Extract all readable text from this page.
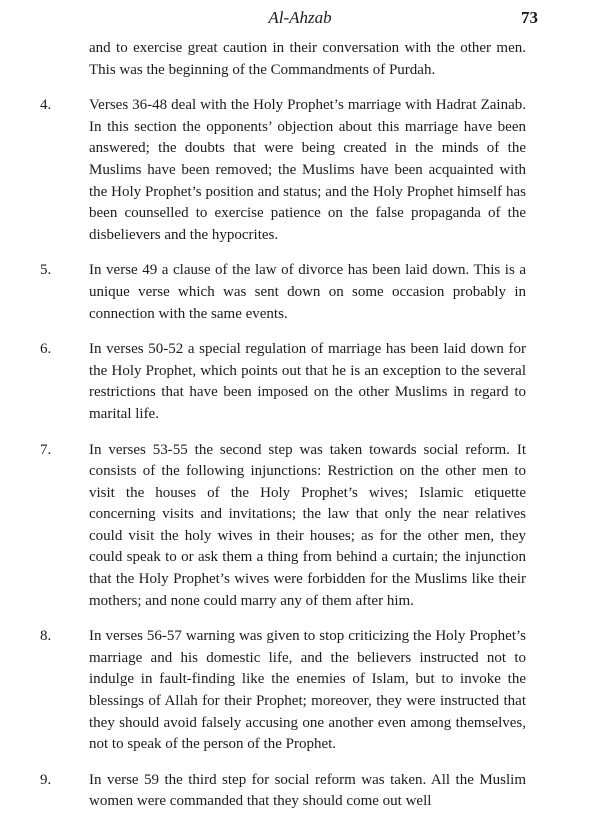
Al-Ahzab	73
and to exercise great caution in their conversation with the other men. This was the beginning of the Commandments of Purdah.
4.	Verses 36-48 deal with the Holy Prophet’s marriage with Hadrat Zainab. In this section the opponents’ objection about this marriage have been answered; the doubts that were being created in the minds of the Muslims have been removed; the Muslims have been acquainted with the Holy Prophet’s position and status; and the Holy Prophet himself has been counselled to exercise patience on the false propaganda of the disbelievers and the hypocrites.
5.	In verse 49 a clause of the law of divorce has been laid down. This is a unique verse which was sent down on some occasion probably in connection with the same events.
6.	In verses 50-52 a special regulation of marriage has been laid down for the Holy Prophet, which points out that he is an exception to the several restrictions that have been imposed on the other Muslims in regard to marital life.
7.	In verses 53-55 the second step was taken towards social reform. It consists of the following injunctions: Restriction on the other men to visit the houses of the Holy Prophet’s wives; Islamic etiquette concerning visits and invitations; the law that only the near relatives could visit the holy wives in their houses; as for the other men, they could speak to or ask them a thing from behind a curtain; the injunction that the Holy Prophet’s wives were forbidden for the Muslims like their mothers; and none could marry any of them after him.
8.	In verses 56-57 warning was given to stop criticizing the Holy Prophet’s marriage and his domestic life, and the believers instructed not to indulge in fault-finding like the enemies of Islam, but to invoke the blessings of Allah for their Prophet; moreover, they were instructed that they should avoid falsely accusing one another even among themselves, not to speak of the person of the Prophet.
9.	In verse 59 the third step for social reform was taken. All the Muslim women were commanded that they should come out well
